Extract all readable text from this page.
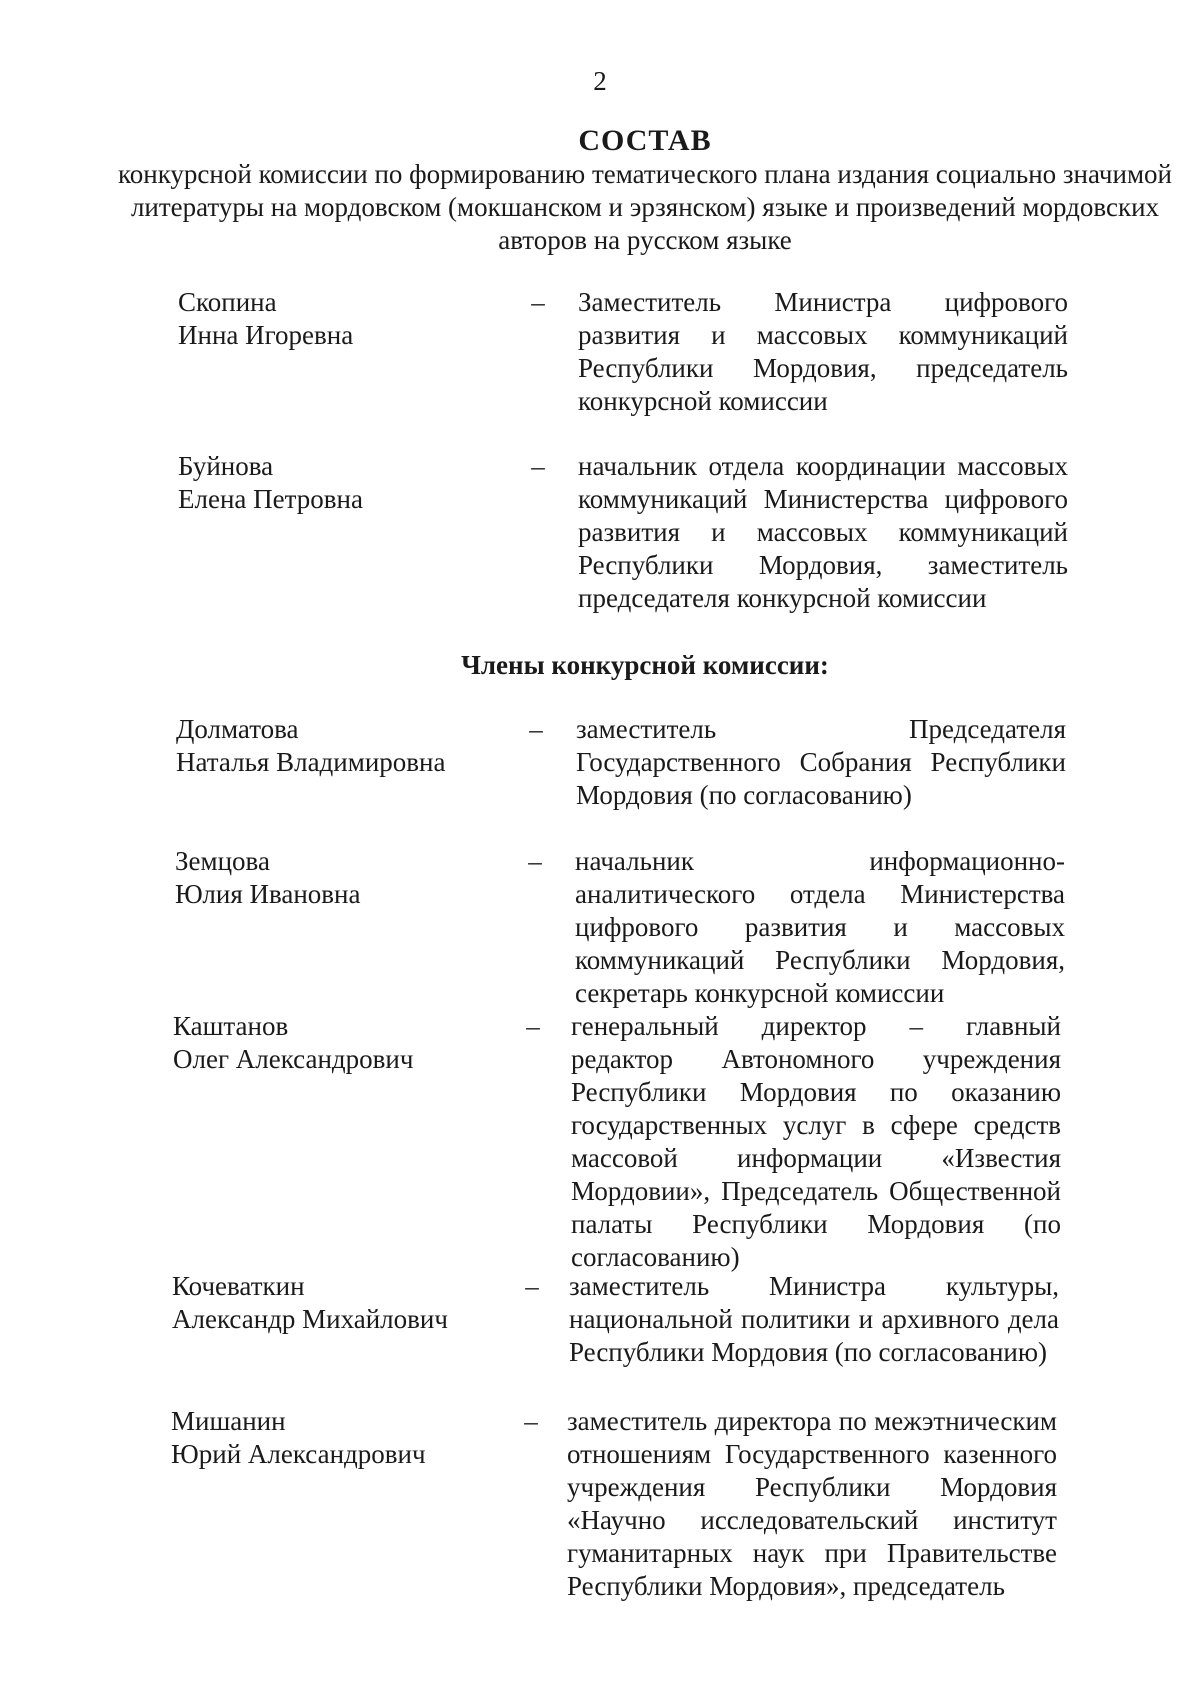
2
СОСТАВ
конкурсной комиссии по формированию тематического плана издания социально значимой литературы на мордовском (мокшанском и эрзянском) языке и произведений мордовских авторов на русском языке
Скопина
Инна Игоревна
– Заместитель Министра цифрового развития и массовых коммуникаций Республики Мордовия, председатель конкурсной комиссии
Буйнова
Елена Петровна
– начальник отдела координации массовых коммуникаций Министерства цифрового развития и массовых коммуникаций Республики Мордовия, заместитель председателя конкурсной комиссии
Члены конкурсной комиссии:
Долматова
Наталья Владимировна
– заместитель Председателя Государственного Собрания Республики Мордовия (по согласованию)
Земцова
Юлия Ивановна
– начальник информационно-аналитического отдела Министерства цифрового развития и массовых коммуникаций Республики Мордовия, секретарь конкурсной комиссии
Каштанов
Олег Александрович
– генеральный директор – главный редактор Автономного учреждения Республики Мордовия по оказанию государственных услуг в сфере средств массовой информации «Известия Мордовии», Председатель Общественной палаты Республики Мордовия (по согласованию)
Кочеваткин
Александр Михайлович
– заместитель Министра культуры, национальной политики и архивного дела Республики Мордовия (по согласованию)
Мишанин
Юрий Александрович
– заместитель директора по межэтническим отношениям Государственного казенного учреждения Республики Мордовия «Научно исследовательский институт гуманитарных наук при Правительстве Республики Мордовия», председатель
